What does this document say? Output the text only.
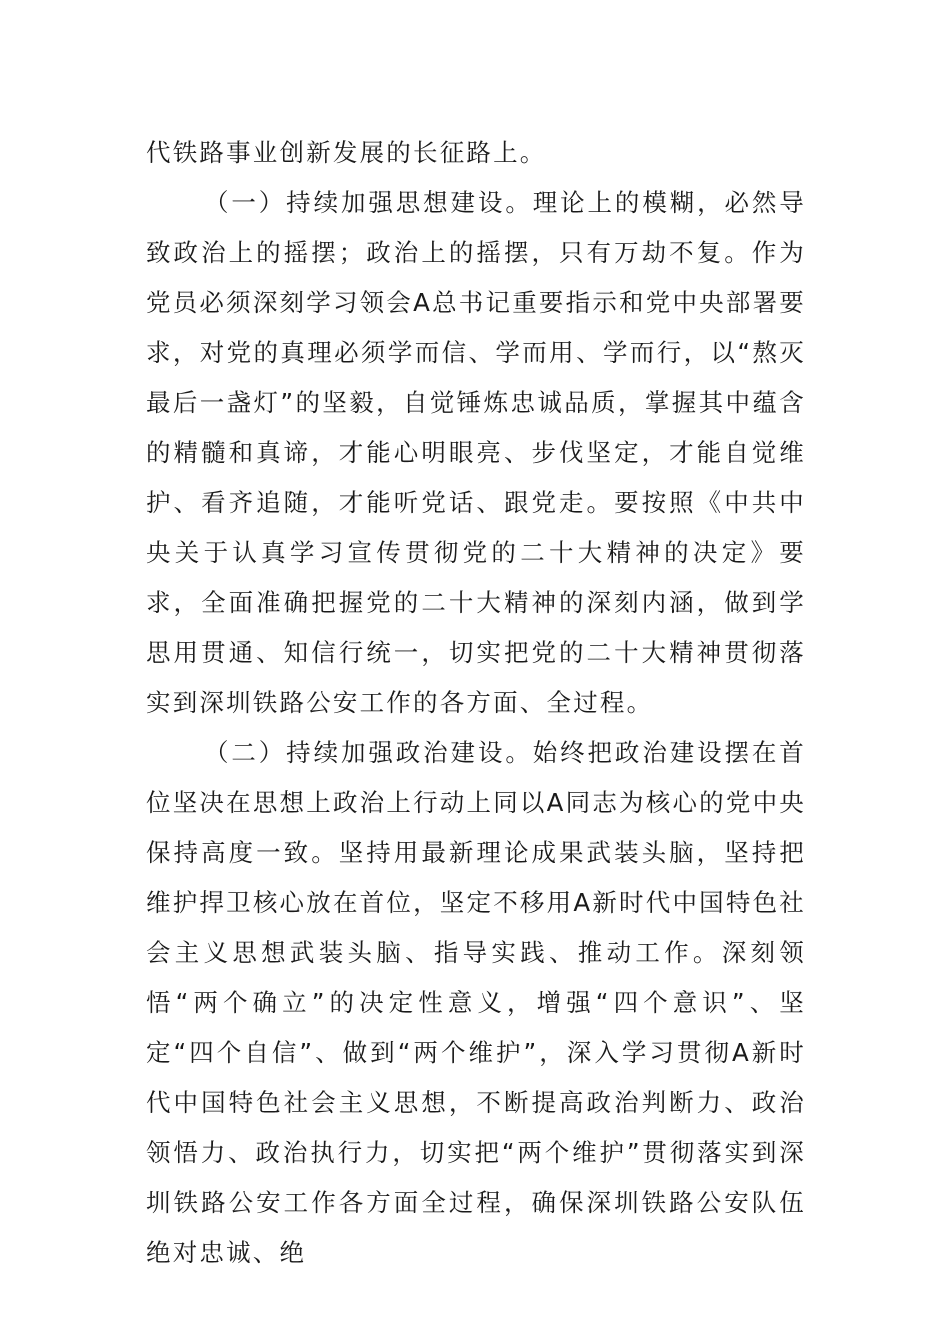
代铁路事业创新发展的长征路上。

（一）持续加强思想建设。理论上的模糊，必然导致政治上的摇摆；政治上的摇摆，只有万劫不复。作为党员必须深刻学习领会A总书记重要指示和党中央部署要求，对党的真理必须学而信、学而用、学而行，以“熬灭最后一盏灯”的坚毅，自觉锤炼忠诚品质，掌握其中蕴含的精髓和真谛，才能心明眼亮、步伐坚定，才能自觉维护、看齐追随，才能听党话、跟党走。要按照《中共中央关于认真学习宣传贯彻党的二十大精神的决定》要求，全面准确把握党的二十大精神的深刻内涵，做到学思用贯通、知信行统一，切实把党的二十大精神贯彻落实到深圳铁路公安工作的各方面、全过程。

（二）持续加强政治建设。始终把政治建设摆在首位坚决在思想上政治上行动上同以A同志为核心的党中央保持高度一致。坚持用最新理论成果武装头脑，坚持把维护捍卫核心放在首位，坚定不移用A新时代中国特色社会主义思想武装头脑、指导实践、推动工作。深刻领悟“两个确立”的决定性意义，增强“四个意识”、坚定“四个自信”、做到“两个维护”，深入学习贯彻A新时代中国特色社会主义思想，不断提高政治判断力、政治领悟力、政治执行力，切实把“两个维护”贯彻落实到深圳铁路公安工作各方面全过程，确保深圳铁路公安队伍绝对忠诚、绝
